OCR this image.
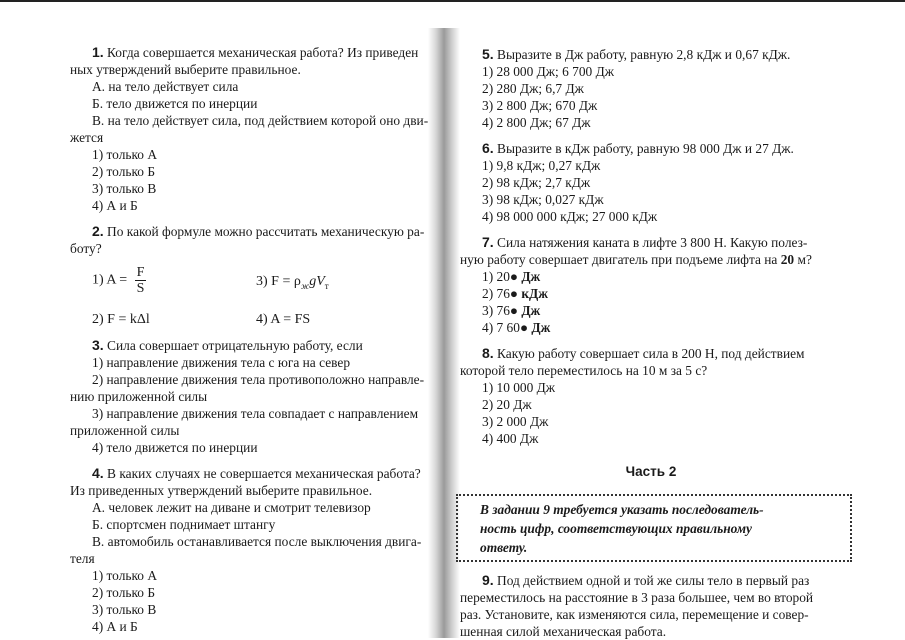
1. Когда совершается механическая работа? Из приведен

ных утверждений выберите правильное.

А. на тело действует сила

Б. тело движется по инерции

В. на тело действует сила, под действием которой оно дви-

жется

1) только А

2) только Б

3) только В

4) А и Б

2. По какой формуле можно рассчитать механическую ра-

боту?

1) $A = \frac{F}{S}$	3) $F = \rho_жgV_т$
2) F = kΔl	4) A = FS

3. Сила совершает отрицательную работу, если

1) направление движения тела с юга на север

2) направление движения тела противоположно направле-

нию приложенной силы

3) направление движения тела совпадает с направлением

приложенной силы

4) тело движется по инерции

4. В каких случаях не совершается механическая работа?

Из приведенных утверждений выберите правильное.

А. человек лежит на диване и смотрит телевизор

Б. спортсмен поднимает штангу

В. автомобиль останавливается после выключения двига-

теля

1) только А

2) только Б

3) только В

4) А и Б

5. Выразите в Дж работу, равную 2,8 кДж и 0,67 кДж.

1) 28 000 Дж; 6 700 Дж

2) 280 Дж; 6,7 Дж

3) 2 800 Дж; 670 Дж

4) 2 800 Дж; 67 Дж

6. Выразите в кДж работу, равную 98 000 Дж и 27 Дж.

1) 9,8 кДж; 0,27 кДж

2) 98 кДж; 2,7 кДж

3) 98 кДж; 0,027 кДж

4) 98 000 000 кДж; 27 000 кДж

7. Сила натяжения каната в лифте 3 800 Н. Какую полез-

ную работу совершает двигатель при подъеме лифта на 20 м?

1) 20● Дж

2) 76● кДж

3) 76● Дж

4) 7 60● Дж

8. Какую работу совершает сила в 200 Н, под действием

которой тело переместилось на 10 м за 5 с?

1) 10 000 Дж

2) 20 Дж

3) 2 000 Дж

4) 400 Дж

Часть 2
В задании 9 требуется указать последователь-
ность цифр, соответствующих правильному
ответу.

9. Под действием одной и той же силы тело в первый раз

переместилось на расстояние в 3 раза большее, чем во второй

раз. Установите, как изменяются сила, перемещение и совер-

шенная силой механическая работа.
